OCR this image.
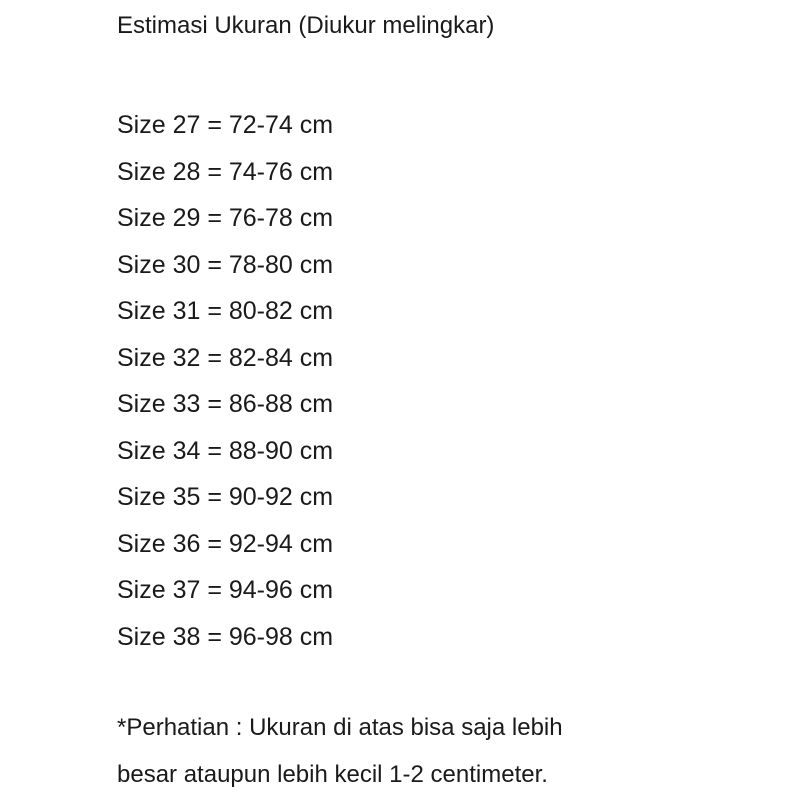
Estimasi Ukuran (Diukur melingkar)
Size 27 = 72-74 cm
Size 28 = 74-76 cm
Size 29 = 76-78 cm
Size 30 = 78-80 cm
Size 31 = 80-82 cm
Size 32 = 82-84 cm
Size 33 = 86-88 cm
Size 34 = 88-90 cm
Size 35 = 90-92 cm
Size 36 = 92-94 cm
Size 37 = 94-96 cm
Size 38 = 96-98 cm
*Perhatian : Ukuran di atas bisa saja lebih
besar ataupun lebih kecil 1-2 centimeter.
